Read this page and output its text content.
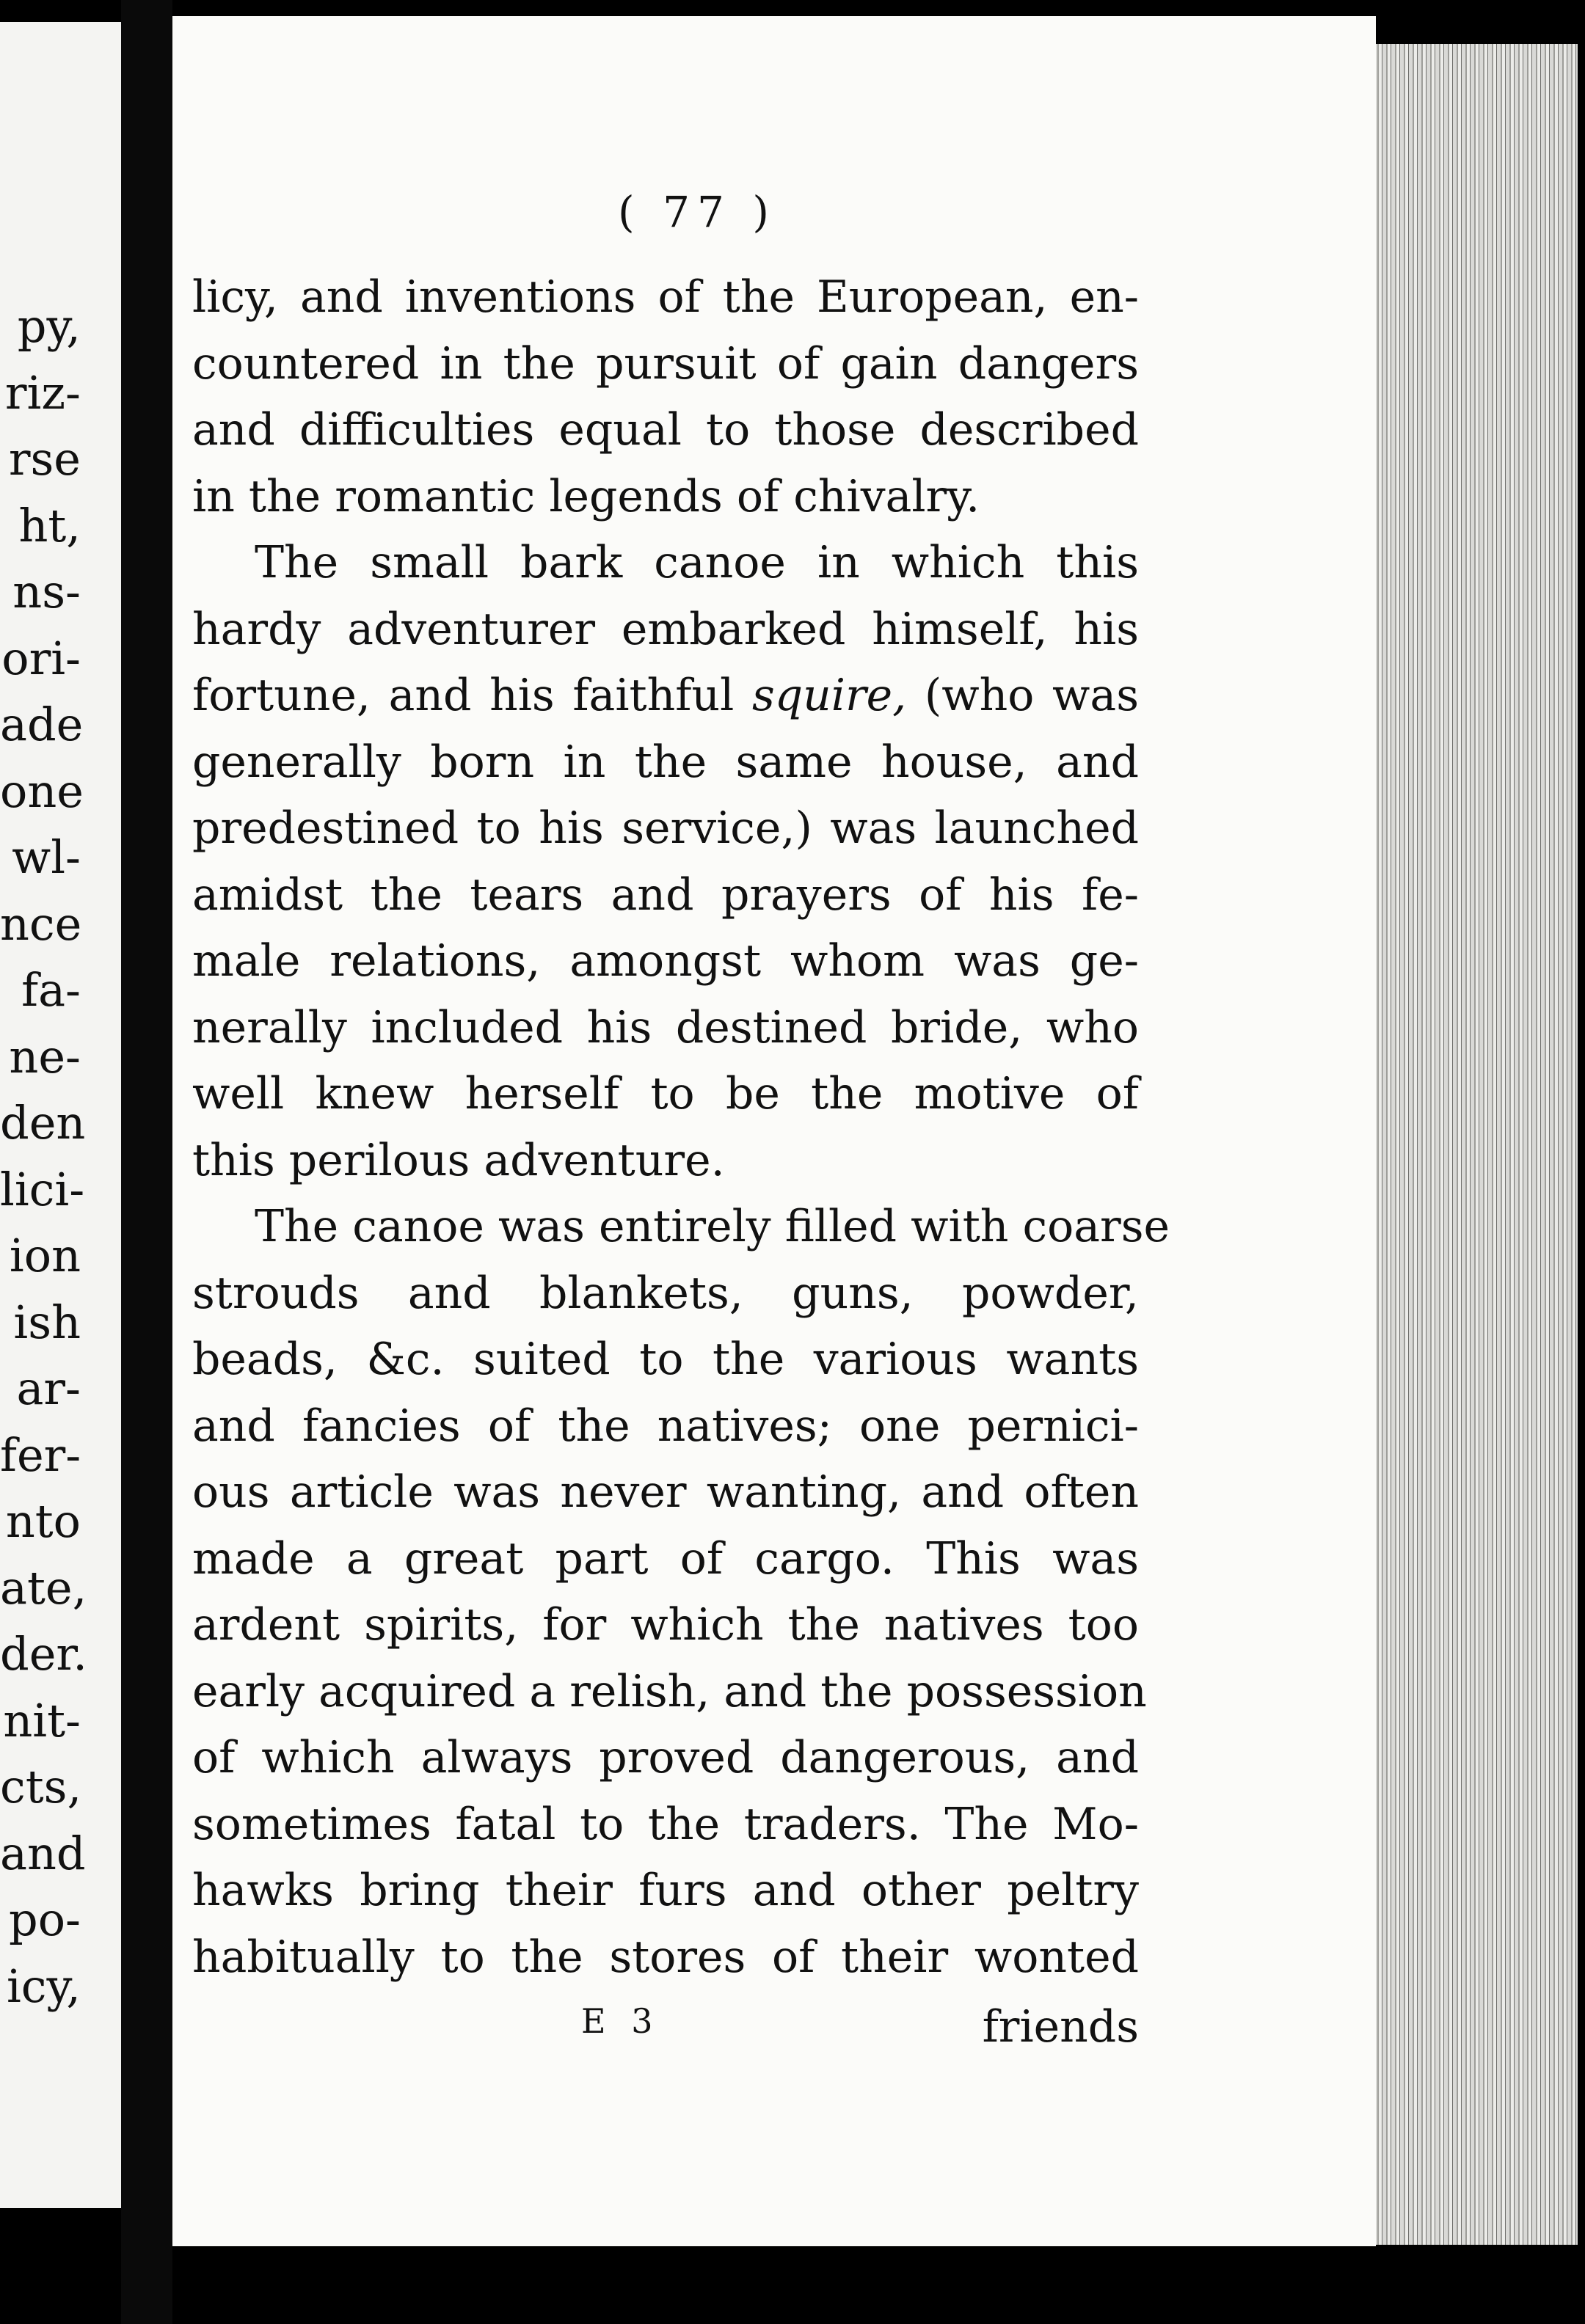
py,
riz-
rse
ht,
ns-
ori-
ade
one
wl-
nce
fa-
ne-
den
lici-
ion
ish
ar-
fer-
nto
ate,
der.
nit-
cts,
and
po-
icy,
( 77 )
licy, and inventions of the European, en-
countered in the pursuit of gain dangers
and difficulties equal to those described
in the romantic legends of chivalry.
The small bark canoe in which this
hardy adventurer embarked himself, his
fortune, and his faithful squire, (who was
generally born in the same house, and
predestined to his service,) was launched
amidst the tears and prayers of his fe-
male relations, amongst whom was ge-
nerally included his destined bride, who
well knew herself to be the motive of
this perilous adventure.
The canoe was entirely filled with coarse
strouds and blankets, guns, powder,
beads, &c. suited to the various wants
and fancies of the natives; one pernici-
ous article was never wanting, and often
made a great part of cargo. This was
ardent spirits, for which the natives too
early acquired a relish, and the possession
of which always proved dangerous, and
sometimes fatal to the traders. The Mo-
hawks bring their furs and other peltry
habitually to the stores of their wonted
E 3	friends
